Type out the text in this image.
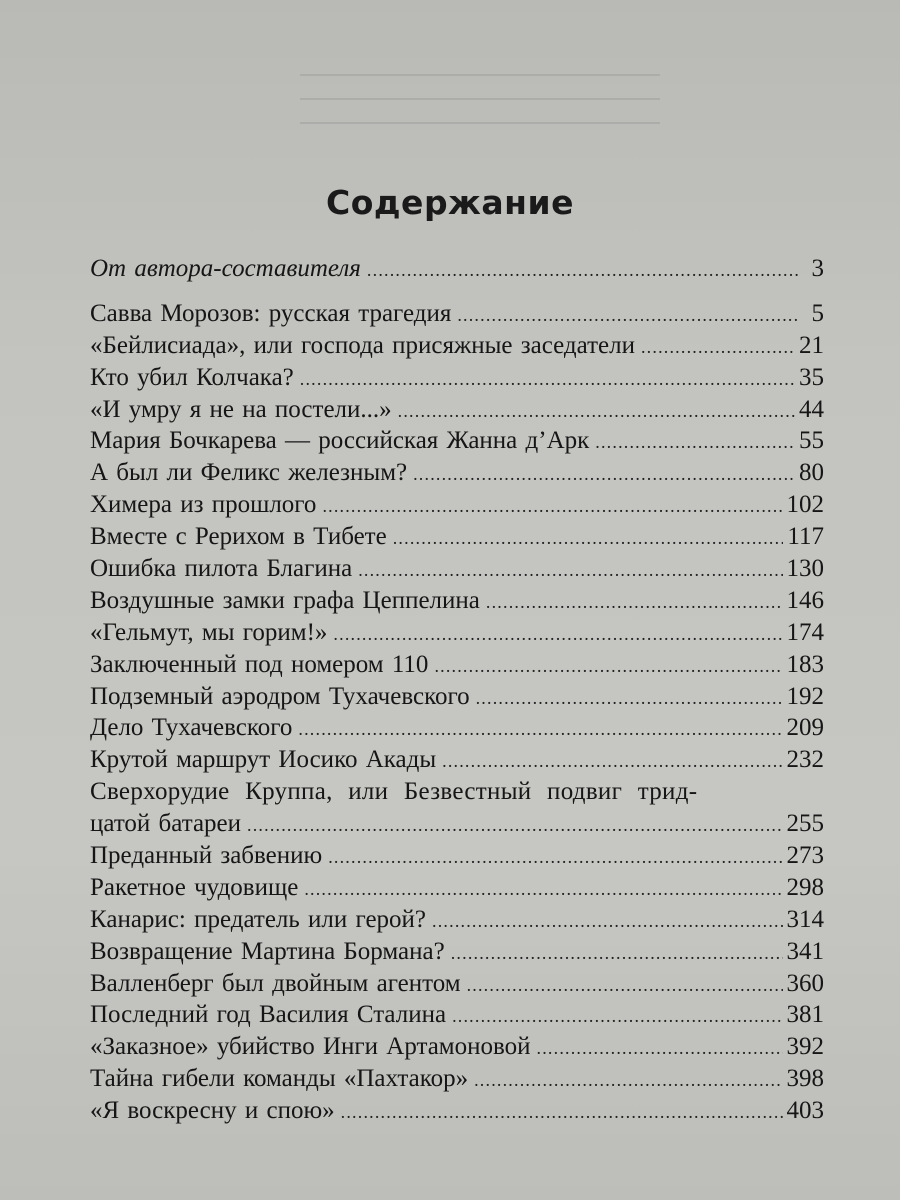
Содержание
От автора-составителя .....	3
Савва Морозов: русская трагедия .....	5
«Бейлисиада», или господа присяжные заседатели .....	21
Кто убил Колчака? .....	35
«И умру я не на постели...» .....	44
Мария Бочкарева — российская Жанна д’Арк .....	55
А был ли Феликс железным? .....	80
Химера из прошлого .....	102
Вместе с Рерихом в Тибете .....	117
Ошибка пилота Благина .....	130
Воздушные замки графа Цеппелина .....	146
«Гельмут, мы горим!» .....	174
Заключенный под номером 110 .....	183
Подземный аэродром Тухачевского .....	192
Дело Тухачевского .....	209
Крутой маршрут Иосико Акады .....	232
Сверхорудие Круппа, или Безвестный подвиг трид-
цатой батареи .....	255
Преданный забвению .....	273
Ракетное чудовище .....	298
Канарис: предатель или герой? .....	314
Возвращение Мартина Бормана? .....	341
Валленберг был двойным агентом .....	360
Последний год Василия Сталина .....	381
«Заказное» убийство Инги Артамоновой .....	392
Тайна гибели команды «Пахтакор» .....	398
«Я воскресну и спою» .....	403
